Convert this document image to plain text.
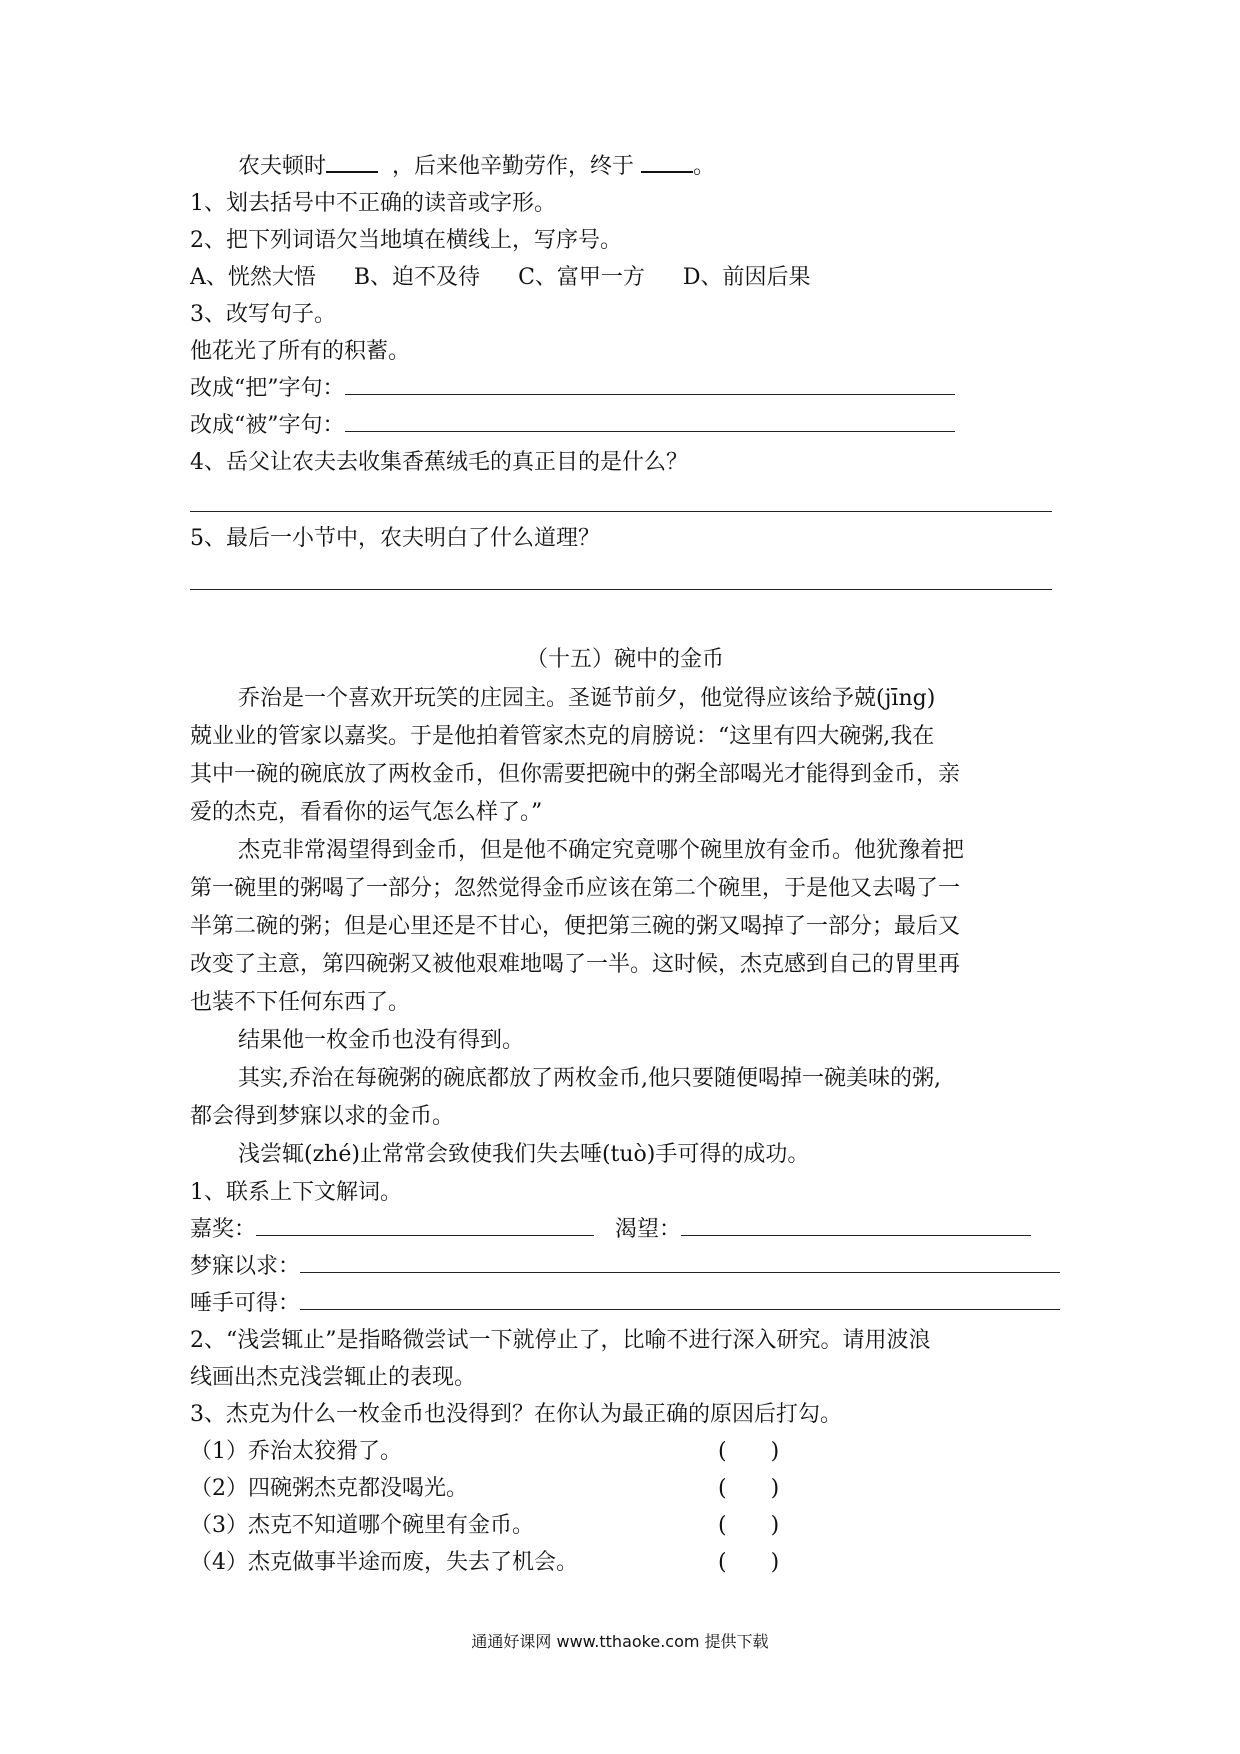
农夫顿时	，后来他辛勤劳作，终于	。
1、划去括号中不正确的读音或字形。
2、把下列词语欠当地填在横线上，写序号。
A、恍然大悟 B、迫不及待 C、富甲一方 D、前因后果
3、改写句子。
他花光了所有的积蓄。
改成“把”字句：
改成“被”字句：
4、岳父让农夫去收集香蕉绒毛的真正目的是什么？
5、最后一小节中，农夫明白了什么道理？
（十五）碗中的金币
乔治是一个喜欢开玩笑的庄园主。圣诞节前夕，他觉得应该给予兢(jīng)
兢业业的管家以嘉奖。于是他拍着管家杰克的肩膀说：“这里有四大碗粥,我在
其中一碗的碗底放了两枚金币，但你需要把碗中的粥全部喝光才能得到金币，亲
爱的杰克，看看你的运气怎么样了。”
杰克非常渴望得到金币，但是他不确定究竟哪个碗里放有金币。他犹豫着把
第一碗里的粥喝了一部分；忽然觉得金币应该在第二个碗里，于是他又去喝了一
半第二碗的粥；但是心里还是不甘心，便把第三碗的粥又喝掉了一部分；最后又
改变了主意，第四碗粥又被他艰难地喝了一半。这时候，杰克感到自己的胃里再
也装不下任何东西了。
结果他一枚金币也没有得到。
其实,乔治在每碗粥的碗底都放了两枚金币,他只要随便喝掉一碗美味的粥,
都会得到梦寐以求的金币。
浅尝辄(zhé)止常常会致使我们失去唾(tuò)手可得的成功。
1、联系上下文解词。
嘉奖：	渴望：
梦寐以求：
唾手可得：
2、“浅尝辄止”是指略微尝试一下就停止了，比喻不进行深入研究。请用波浪
线画出杰克浅尝辄止的表现。
3、杰克为什么一枚金币也没得到？在你认为最正确的原因后打勾。
（1）乔治太狡猾了。	(　　)
（2）四碗粥杰克都没喝光。	(　　)
（3）杰克不知道哪个碗里有金币。	(　　)
（4）杰克做事半途而废，失去了机会。	(　　)
通通好课网 www.tthaoke.com 提供下载
